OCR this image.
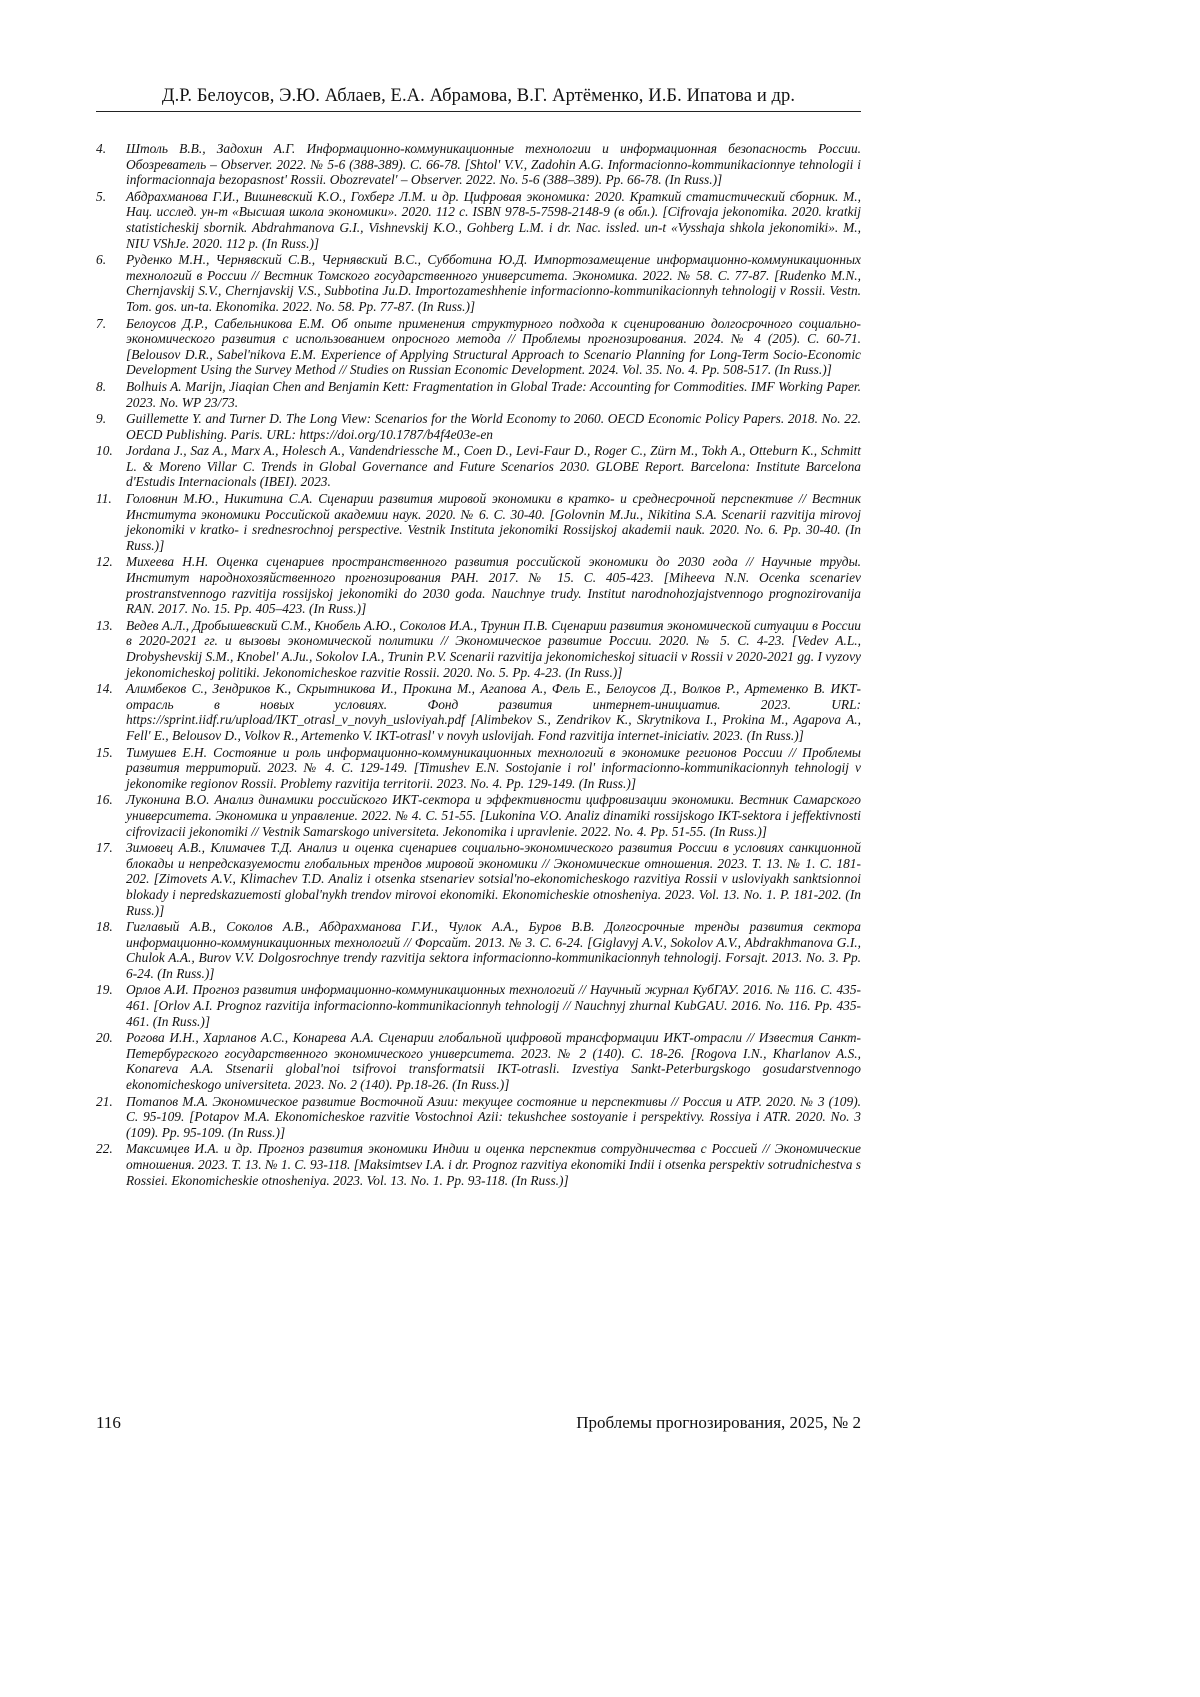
Д.Р. Белоусов, Э.Ю. Аблаев, Е.А. Абрамова, В.Г. Артёменко, И.Б. Ипатова и др.
4.	Штоль В.В., Задохин А.Г. Информационно-коммуникационные технологии и информационная безопасность России. Обозреватель – Observer. 2022. № 5-6 (388-389). С. 66-78. [Shtol' V.V., Zadohin A.G. Informacionno-kommunikacionnye tehnologii i informacionnaja bezopasnost' Rossii. Obozrevatel' – Observer. 2022. No. 5-6 (388–389). Pp. 66-78. (In Russ.)]
5.	Абдрахманова Г.И., Вишневский К.О., Гохберг Л.М. и др. Цифровая экономика: 2020. Краткий статистический сборник. М., Нац. исслед. ун-т «Высшая школа экономики». 2020. 112 с. ISBN 978-5-7598-2148-9 (в обл.). [Cifrovaja jekonomika. 2020. kratkij statisticheskij sbornik. Abdrahmanova G.I., Vishnevskij K.O., Gohberg L.M. i dr. Nac. issled. un-t «Vysshaja shkola jekonomiki». M., NIU VShJe. 2020. 112 p. (In Russ.)]
6.	Руденко М.Н., Чернявский С.В., Чернявский В.С., Субботина Ю.Д. Импортозамещение информационно-коммуникационных технологий в России // Вестник Томского государственного университета. Экономика. 2022. № 58. С. 77-87. [Rudenko M.N., Chernjavskij S.V., Chernjavskij V.S., Subbotina Ju.D. Importozameshhenie informacionno-kommunikacionnyh tehnologij v Rossii. Vestn. Tom. gos. un-ta. Ekonomika. 2022. No. 58. Pp. 77-87. (In Russ.)]
7.	Белоусов Д.Р., Сабельникова Е.М. Об опыте применения структурного подхода к сценированию долгосрочного социально-экономического развития с использованием опросного метода // Проблемы прогнозирования. 2024. № 4 (205). С. 60-71. [Belousov D.R., Sabel'nikova E.M. Experience of Applying Structural Approach to Scenario Planning for Long-Term Socio-Economic Development Using the Survey Method // Studies on Russian Economic Development. 2024. Vol. 35. No. 4. Pp. 508-517. (In Russ.)]
8.	Bolhuis A. Marijn, Jiaqian Chen and Benjamin Kett: Fragmentation in Global Trade: Accounting for Commodities. IMF Working Paper. 2023. No. WP 23/73.
9.	Guillemette Y. and Turner D. The Long View: Scenarios for the World Economy to 2060. OECD Economic Policy Papers. 2018. No. 22. OECD Publishing. Paris. URL: https://doi.org/10.1787/b4f4e03e-en
10. Jordana J., Saz A., Marx A., Holesch A., Vandendriessche M., Coen D., Levi-Faur D., Roger C., Zürn M., Tokh A., Otteburn K., Schmitt L. & Moreno Villar C. Trends in Global Governance and Future Scenarios 2030. GLOBE Report. Barcelona: Institute Barcelona d'Estudis Internacionals (IBEI). 2023.
11.	Головнин М.Ю., Никитина С.А. Сценарии развития мировой экономики в кратко- и среднесрочной перспективе // Вестник Института экономики Российской академии наук. 2020. № 6. С. 30-40. [Golovnin M.Ju., Nikitina S.A. Scenarii razvitija mirovoj jekonomiki v kratko- i srednesrochnoj perspective. Vestnik Instituta jekonomiki Rossijskoj akademii nauk. 2020. No. 6. Pp. 30-40. (In Russ.)]
12. Михеева Н.Н. Оценка сценариев пространственного развития российской экономики до 2030 года // Научные труды. Институт народнохозяйственного прогнозирования РАН. 2017. № 15. С. 405-423. [Miheeva N.N. Ocenka scenariev prostranstvennogo razvitija rossijskoj jekonomiki do 2030 goda. Nauchnye trudy. Institut narodnohozjajstvennogo prognozirovanija RAN. 2017. No. 15. Pp. 405–423. (In Russ.)]
13. Ведев А.Л., Дробышевский С.М., Кнобель А.Ю., Соколов И.А., Трунин П.В. Сценарии развития экономической ситуации в России в 2020-2021 гг. и вызовы экономической политики // Экономическое развитие России. 2020. № 5. С. 4-23. [Vedev A.L., Drobyshevskij S.M., Knobel' A.Ju., Sokolov I.A., Trunin P.V. Scenarii razvitija jekonomicheskoj situacii v Rossii v 2020-2021 gg. I vyzovy jekonomicheskoj politiki. Jekonomicheskoe razvitie Rossii. 2020. No. 5. Pp. 4-23. (In Russ.)]
14. Алимбеков С., Зендриков К., Скрытникова И., Прокина М., Агапова А., Фель Е., Белоусов Д., Волков Р., Артеменко В. ИКТ-отрасль в новых условиях. Фонд развития интернет-инициатив. 2023. URL: https://sprint.iidf.ru/upload/IKT_otrasl_v_novyh_usloviyah.pdf [Alimbekov S., Zendrikov K., Skrytnikova I., Prokina M., Agapova A., Fell' E., Belousov D., Volkov R., Artemenko V. IKT-otrasl' v novyh uslovijah. Fond razvitija internet-iniciativ. 2023. (In Russ.)]
15. Тимушев Е.Н. Состояние и роль информационно-коммуникационных технологий в экономике регионов России // Проблемы развития территорий. 2023. № 4. С. 129-149. [Timushev E.N. Sostojanie i rol' informacionno-kommunikacionnyh tehnologij v jekonomike regionov Rossii. Problemy razvitija territorii. 2023. No. 4. Pp. 129-149. (In Russ.)]
16. Луконина В.О. Анализ динамики российского ИКТ-сектора и эффективности цифровизации экономики. Вестник Самарского университета. Экономика и управление. 2022. № 4. С. 51-55. [Lukonina V.O. Analiz dinamiki rossijskogo IKT-sektora i jeffektivnosti cifrovizacii jekonomiki // Vestnik Samarskogo universiteta. Jekonomika i upravlenie. 2022. No. 4. Pp. 51-55. (In Russ.)]
17. Зимовец А.В., Климачев Т.Д. Анализ и оценка сценариев социально-экономического развития России в условиях санкционной блокады и непредсказуемости глобальных трендов мировой экономики // Экономические отношения. 2023. Т. 13. № 1. С. 181-202. [Zimovets A.V., Klimachev T.D. Analiz i otsenka stsenariev sotsial'no-ekonomicheskogo razvitiya Rossii v usloviyakh sanktsionnoi blokady i nepredskazuemosti global'nykh trendov mirovoi ekonomiki. Ekonomicheskie otnosheniya. 2023. Vol. 13. No. 1. P. 181-202. (In Russ.)]
18. Гиглавый А.В., Соколов А.В., Абдрахманова Г.И., Чулок А.А., Буров В.В. Долгосрочные тренды развития сектора информационно-коммуникационных технологий // Форсайт. 2013. № 3. С. 6-24. [Giglavyj A.V., Sokolov A.V., Abdrakhmanova G.I., Chulok A.A., Burov V.V. Dolgosrochnye trendy razvitija sektora informacionno-kommunikacionnyh tehnologij. Forsajt. 2013. No. 3. Pp. 6-24. (In Russ.)]
19. Орлов А.И. Прогноз развития информационно-коммуникационных технологий // Научный журнал КубГАУ. 2016. № 116. С. 435-461. [Orlov A.I. Prognoz razvitija informacionno-kommunikacionnyh tehnologij // Nauchnyj zhurnal KubGAU. 2016. No. 116. Pp. 435-461. (In Russ.)]
20. Рогова И.Н., Харланов А.С., Конарева А.А. Сценарии глобальной цифровой трансформации ИКТ-отрасли // Известия Санкт-Петербургского государственного экономического университета. 2023. № 2 (140). С. 18-26. [Rogova I.N., Kharlanov A.S., Konareva A.A. Stsenarii global'noi tsifrovoi transformatsii IKT-otrasli. Izvestiya Sankt-Peterburgskogo gosudarstvennogo ekonomicheskogo universiteta. 2023. No. 2 (140). Pp.18-26. (In Russ.)]
21. Потапов М.А. Экономическое развитие Восточной Азии: текущее состояние и перспективы // Россия и АТР. 2020. № 3 (109). С. 95-109. [Potapov M.A. Ekonomicheskoe razvitie Vostochnoi Azii: tekushchee sostoyanie i perspektivy. Rossiya i ATR. 2020. No. 3 (109). Pp. 95-109. (In Russ.)]
22. Максимцев И.А. и др. Прогноз развития экономики Индии и оценка перспектив сотрудничества с Россией // Экономические отношения. 2023. Т. 13. № 1. С. 93-118. [Maksimtsev I.A. i dr. Prognoz razvitiya ekonomiki Indii i otsenka perspektiv sotrudnichestva s Rossiei. Ekonomicheskie otnosheniya. 2023. Vol. 13. No. 1. Pp. 93-118. (In Russ.)]
116	Проблемы прогнозирования, 2025, № 2
